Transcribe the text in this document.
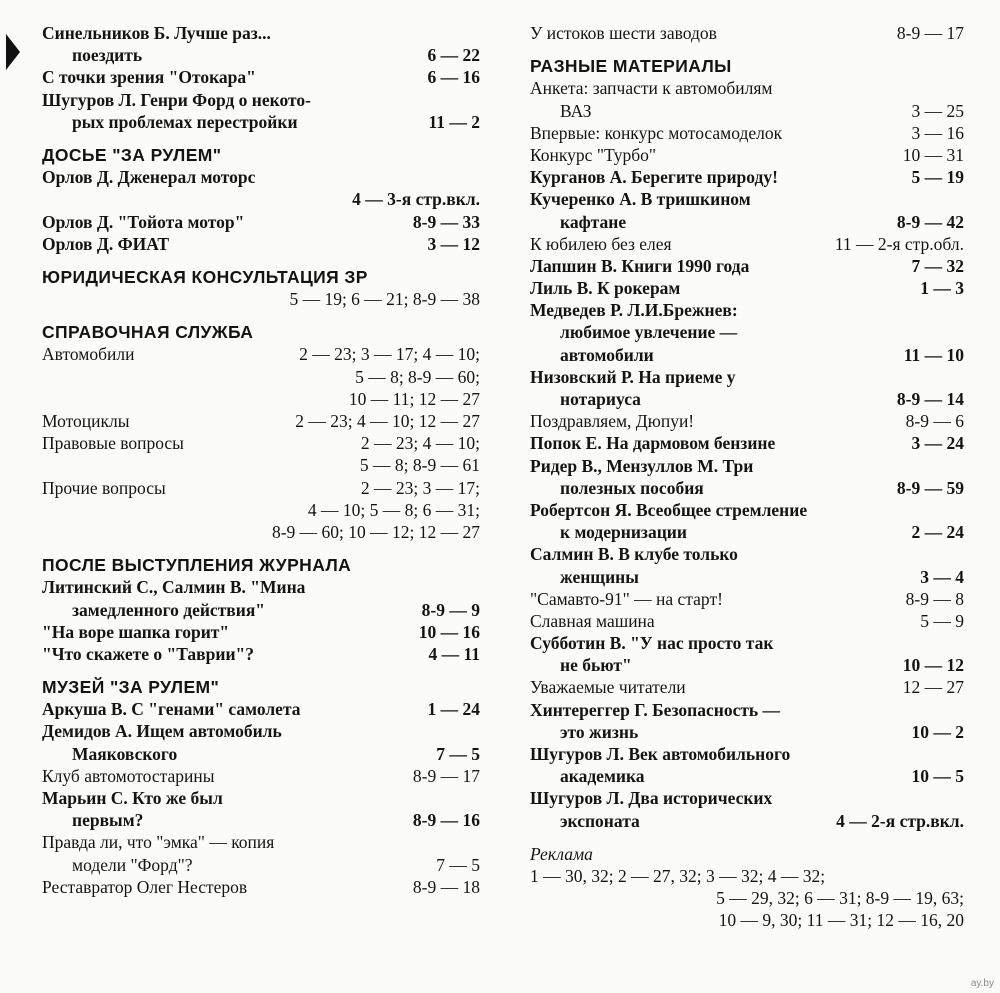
Синельников Б. Лучше раз...
поездить	6 — 22
С точки зрения "Отокара"	6 — 16
Шугуров Л. Генри Форд о некото-
рых проблемах перестройки	11 — 2
ДОСЬЕ "ЗА РУЛЕМ"
Орлов Д. Дженерал моторс
4 — 3-я стр.вкл.
Орлов Д. "Тойота мотор"	8-9 — 33
Орлов Д. ФИАТ	3 — 12
ЮРИДИЧЕСКАЯ КОНСУЛЬТАЦИЯ ЗР
5 — 19; 6 — 21; 8-9 — 38
СПРАВОЧНАЯ СЛУЖБА
Автомобили	2 — 23; 3 — 17; 4 — 10;
5 — 8; 8-9 — 60;
10 — 11; 12 — 27
Мотоциклы	2 — 23; 4 — 10; 12 — 27
Правовые вопросы	2 — 23; 4 — 10;
5 — 8; 8-9 — 61
Прочие вопросы	2 — 23; 3 — 17;
4 — 10; 5 — 8; 6 — 31;
8-9 — 60; 10 — 12; 12 — 27
ПОСЛЕ ВЫСТУПЛЕНИЯ ЖУРНАЛА
Литинский С., Салмин В. "Мина
замедленного действия"	8-9 — 9
"На воре шапка горит"	10 — 16
"Что скажете о "Таврии"?	4 — 11
МУЗЕЙ "ЗА РУЛЕМ"
Аркуша В. С "генами" самолета	1 — 24
Демидов А. Ищем автомобиль
Маяковского	7 — 5
Клуб автомотостарины	8-9 — 17
Марьин С. Кто же был
первым?	8-9 — 16
Правда ли, что "эмка" — копия
модели "Форд"?	7 — 5
Реставратор Олег Нестеров	8-9 — 18
У истоков шести заводов	8-9 — 17
РАЗНЫЕ МАТЕРИАЛЫ
Анкета: запчасти к автомобилям
ВАЗ	3 — 25
Впервые: конкурс мотосамоделок	3 — 16
Конкурс "Турбо"	10 — 31
Курганов А. Берегите природу!	5 — 19
Кучеренко А. В тришкином
кафтане	8-9 — 42
К юбилею без елея	11 — 2-я стр.обл.
Лапшин В. Книги 1990 года	7 — 32
Лиль В. К рокерам	1 — 3
Медведев Р. Л.И.Брежнев:
любимое увлечение —
автомобили	11 — 10
Низовский Р. На приеме у
нотариуса	8-9 — 14
Поздравляем, Дюпуи!	8-9 — 6
Попок Е. На дармовом бензине	3 — 24
Ридер В., Мензуллов М. Три
полезных пособия	8-9 — 59
Робертсон Я. Всеобщее стремление
к модернизации	2 — 24
Салмин В. В клубе только
женщины	3 — 4
"Самавто-91" — на старт!	8-9 — 8
Славная машина	5 — 9
Субботин В. "У нас просто так
не бьют"	10 — 12
Уважаемые читатели	12 — 27
Хинтереггер Г. Безопасность —
это жизнь	10 — 2
Шугуров Л. Век автомобильного
академика	10 — 5
Шугуров Л. Два исторических
экспоната	4 — 2-я стр.вкл.
Реклама
1 — 30, 32; 2 — 27, 32; 3 — 32; 4 — 32;
5 — 29, 32; 6 — 31; 8-9 — 19, 63;
10 — 9, 30; 11 — 31; 12 — 16, 20
ay.by
